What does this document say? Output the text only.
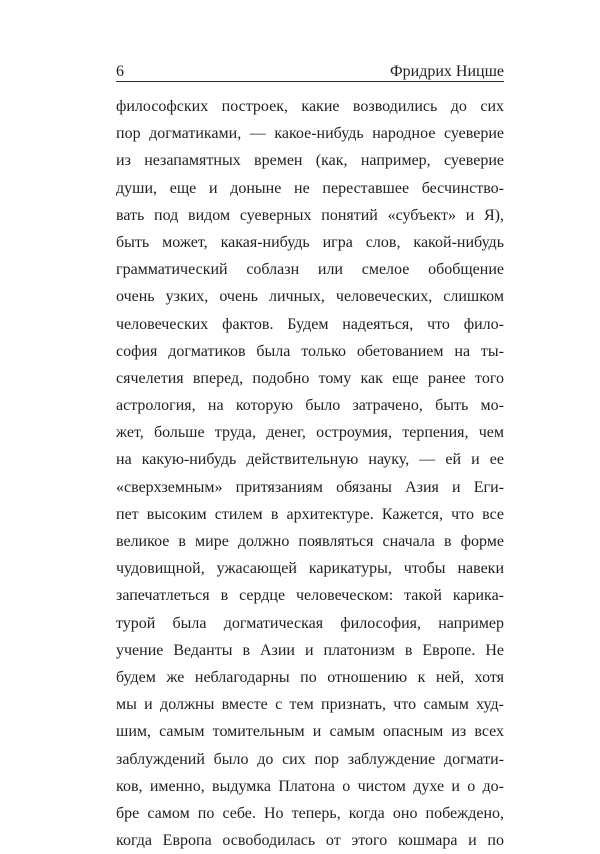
6	Фридрих Ницше
философских построек, какие возводились до сих
пор догматиками, — какое-нибудь народное суеверие
из незапамятных времен (как, например, суеверие
души, еще и доныне не переставшее бесчинство-
вать под видом суеверных понятий «субъект» и Я),
быть может, какая-нибудь игра слов, какой-нибудь
грамматический соблазн или смелое обобщение
очень узких, очень личных, человеческих, слишком
человеческих фактов. Будем надеяться, что фило-
софия догматиков была только обетованием на ты-
сячелетия вперед, подобно тому как еще ранее того
астрология, на которую было затрачено, быть мо-
жет, больше труда, денег, остроумия, терпения, чем
на какую-нибудь действительную науку, — ей и ее
«сверхземным» притязаниям обязаны Азия и Еги-
пет высоким стилем в архитектуре. Кажется, что все
великое в мире должно появляться сначала в форме
чудовищной, ужасающей карикатуры, чтобы навеки
запечатлеться в сердце человеческом: такой карика-
турой была догматическая философия, например
учение Веданты в Азии и платонизм в Европе. Не
будем же неблагодарны по отношению к ней, хотя
мы и должны вместе с тем признать, что самым худ-
шим, самым томительным и самым опасным из всех
заблуждений было до сих пор заблуждение догмати-
ков, именно, выдумка Платона о чистом духе и о до-
бре самом по себе. Но теперь, когда оно побеждено,
когда Европа освободилась от этого кошмара и по
